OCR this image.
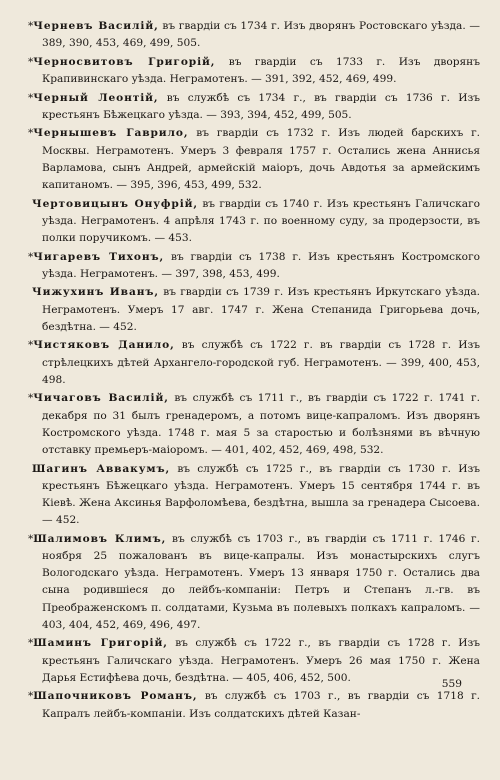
*Черневъ Василiй, въ гвардiи съ 1734 г. Изъ дворянъ Ростовскаго уѣзда. — 389, 390, 453, 469, 499, 505.

*Черносвитовъ Григорiй, въ гвардiи съ 1733 г. Изъ дворянъ Крапивинскаго уѣзда. Неграмотенъ. — 391, 392, 452, 469, 499.

*Черный Леонтiй, въ службѣ съ 1734 г., въ гвардiи съ 1736 г. Изъ крестьянъ Бѣжецкаго уѣзда. — 393, 394, 452, 499, 505.

*Чернышевъ Гаврило, въ гвардiи съ 1732 г. Изъ людей барскихъ г. Москвы. Неграмотенъ. Умеръ 3 февраля 1757 г. Остались жена Аннисья Варламова, сынъ Андрей, армейскiй маiоръ, дочь Авдотья за армейскимъ капитаномъ. — 395, 396, 453, 499, 532.

Чертовицынъ Онуфрiй, въ гвардiи съ 1740 г. Изъ крестьянъ Галичскаго уѣзда. Неграмотенъ. 4 апрѣля 1743 г. по военному суду, за продерзости, въ полки поручикомъ. — 453.

*Чигаревъ Тихонъ, въ гвардiи съ 1738 г. Изъ крестьянъ Костромского уѣзда. Неграмотенъ. — 397, 398, 453, 499.

Чижухинъ Иванъ, въ гвардiи съ 1739 г. Изъ крестьянъ Иркутскаго уѣзда. Неграмотенъ. Умеръ 17 авг. 1747 г. Жена Степанида Григорьева дочь, бездѣтна. — 452.

*Чистяковъ Данило, въ службѣ съ 1722 г. въ гвардiи съ 1728 г. Изъ стрѣлецкихъ дѣтей Архангело-городской губ. Неграмотенъ. — 399, 400, 453, 498.

*Чичаговъ Василiй, въ службѣ съ 1711 г., въ гвардiи съ 1722 г. 1741 г. декабря по 31 былъ гренадеромъ, а потомъ вице-капраломъ. Изъ дворянъ Костромского уѣзда. 1748 г. мая 5 за старостью и болѣзнями въ вѣчную отставку премьеръ-маiоромъ. — 401, 402, 452, 469, 498, 532.

Шагинъ Аввакумъ, въ службѣ съ 1725 г., въ гвардiи съ 1730 г. Изъ крестьянъ Бѣжецкаго уѣзда. Неграмотенъ. Умеръ 15 сентября 1744 г. въ Кiевѣ. Жена Аксинья Варфоломѣева, бездѣтна, вышла за гренадера Сысоева. — 452.

*Шалимовъ Климъ, въ службѣ съ 1703 г., въ гвардiи съ 1711 г. 1746 г. ноября 25 пожалованъ въ вице-капралы. Изъ монастырскихъ слугъ Вологодскаго уѣзда. Неграмотенъ. Умеръ 13 января 1750 г. Остались два сына родившiеся до лейбъ-компанiи: Петръ и Степанъ л.-гв. въ Преображенскомъ п. солдатами, Кузьма въ полевыхъ полкахъ капраломъ. — 403, 404, 452, 469, 496, 497.

*Шаминъ Григорiй, въ службѣ съ 1722 г., въ гвардiи съ 1728 г. Изъ крестьянъ Галичскаго уѣзда. Неграмотенъ. Умеръ 26 мая 1750 г. Жена Дарья Естифѣева дочь, бездѣтна. — 405, 406, 452, 500.

*Шапочниковъ Романъ, въ службѣ съ 1703 г., въ гвардiи съ 1718 г. Капралъ лейбъ-компанiи. Изъ солдатскихъ дѣтей Казан-

559
